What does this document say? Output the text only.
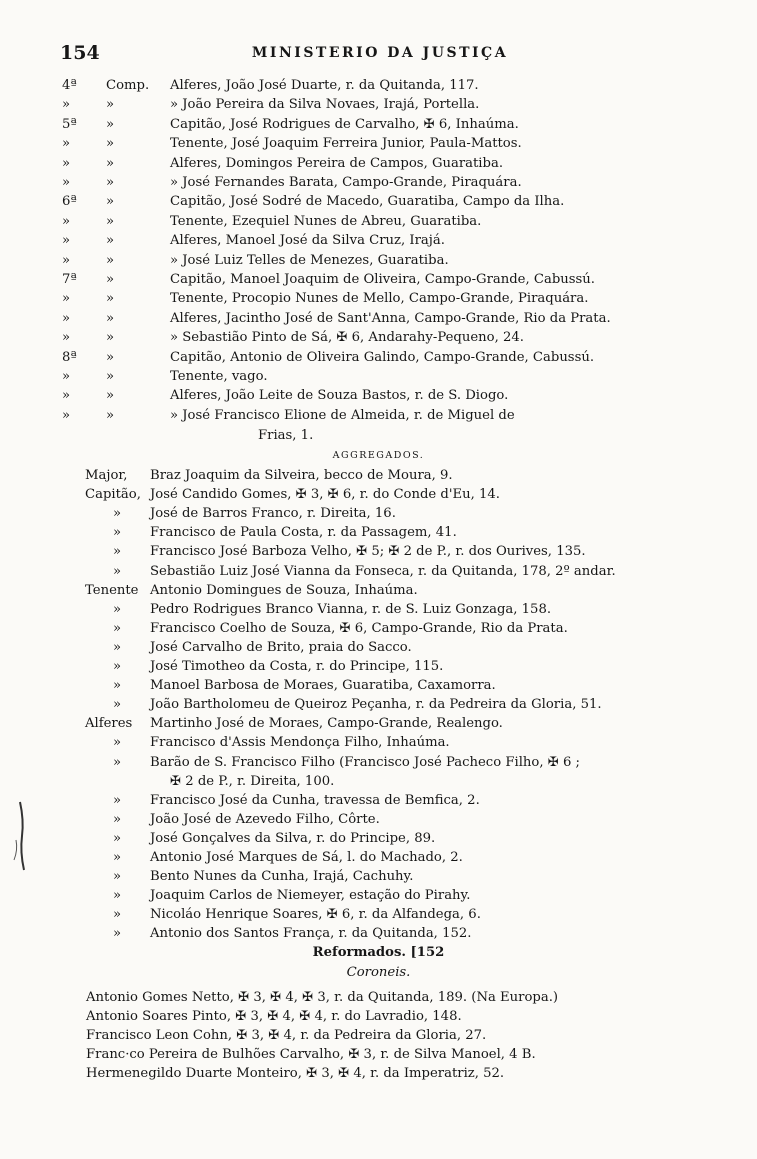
154	MINISTERIO DA JUSTIÇA
4ª	Comp. Alferes, João José Duarte, r. da Quitanda, 117.
»	»	» João Pereira da Silva Novaes, Irajá, Portella.
5ª	»	Capitão, José Rodrigues de Carvalho, ✠ 6, Inhaúma.
»	»	Tenente, José Joaquim Ferreira Junior, Paula-Mattos.
»	»	Alferes, Domingos Pereira de Campos, Guaratiba.
»	»	» José Fernandes Barata, Campo-Grande, Piraquára.
6ª	»	Capitão, José Sodré de Macedo, Guaratiba, Campo da Ilha.
»	»	Tenente, Ezequiel Nunes de Abreu, Guaratiba.
»	»	Alferes, Manoel José da Silva Cruz, Irajá.
»	»	» José Luiz Telles de Menezes, Guaratiba.
7ª	»	Capitão, Manoel Joaquim de Oliveira, Campo-Grande, Cabussú.
»	»	Tenente, Procopio Nunes de Mello, Campo-Grande, Piraquára.
»	»	Alferes, Jacintho José de Sant'Anna, Campo-Grande, Rio da Prata.
»	»	» Sebastião Pinto de Sá, ✠ 6, Andarahy-Pequeno, 24.
8ª	»	Capitão, Antonio de Oliveira Galindo, Campo-Grande, Cabussú.
»	»	Tenente, vago.
»	»	Alferes, João Leite de Souza Bastos, r. de S. Diogo.
»	»	» José Francisco Elione de Almeida, r. de Miguel de
Frias, 1.
AGGREGADOS.
Major, Braz Joaquim da Silveira, becco de Moura, 9.
Capitão, José Candido Gomes, ✠ 3, ✠ 6, r. do Conde d'Eu, 14.
» José de Barros Franco, r. Direita, 16.
» Francisco de Paula Costa, r. da Passagem, 41.
» Francisco José Barboza Velho, ✠ 5; ✠ 2 de P., r. dos Ourives, 135.
» Sebastião Luiz José Vianna da Fonseca, r. da Quitanda, 178, 2º andar.
Tenente Antonio Domingues de Souza, Inhaúma.
» Pedro Rodrigues Branco Vianna, r. de S. Luiz Gonzaga, 158.
» Francisco Coelho de Souza, ✠ 6, Campo-Grande, Rio da Prata.
» José Carvalho de Brito, praia do Sacco.
» José Timotheo da Costa, r. do Principe, 115.
» Manoel Barbosa de Moraes, Guaratiba, Caxamorra.
» João Bartholomeu de Queiroz Peçanha, r. da Pedreira da Gloria, 51.
Alferes Martinho José de Moraes, Campo-Grande, Realengo.
» Francisco d'Assis Mendonça Filho, Inhaúma.
» Barão de S. Francisco Filho (Francisco José Pacheco Filho, ✠ 6 ;
✠ 2 de P., r. Direita, 100.
» Francisco José da Cunha, travessa de Bemfica, 2.
» João José de Azevedo Filho, Côrte.
» José Gonçalves da Silva, r. do Principe, 89.
» Antonio José Marques de Sá, l. do Machado, 2.
» Bento Nunes da Cunha, Irajá, Cachuhy.
» Joaquim Carlos de Niemeyer, estação do Pirahy.
» Nicoláo Henrique Soares, ✠ 6, r. da Alfandega, 6.
» Antonio dos Santos França, r. da Quitanda, 152.
Reformados. [152
Coroneis.
Antonio Gomes Netto, ✠ 3, ✠ 4, ✠ 3, r. da Quitanda, 189. (Na Europa.)
Antonio Soares Pinto, ✠ 3, ✠ 4, ✠ 4, r. do Lavradio, 148.
Francisco Leon Cohn, ✠ 3, ✠ 4, r. da Pedreira da Gloria, 27.
Franc·co Pereira de Bulhões Carvalho, ✠ 3, r. de Silva Manoel, 4 B.
Hermenegildo Duarte Monteiro, ✠ 3, ✠ 4, r. da Imperatriz, 52.
